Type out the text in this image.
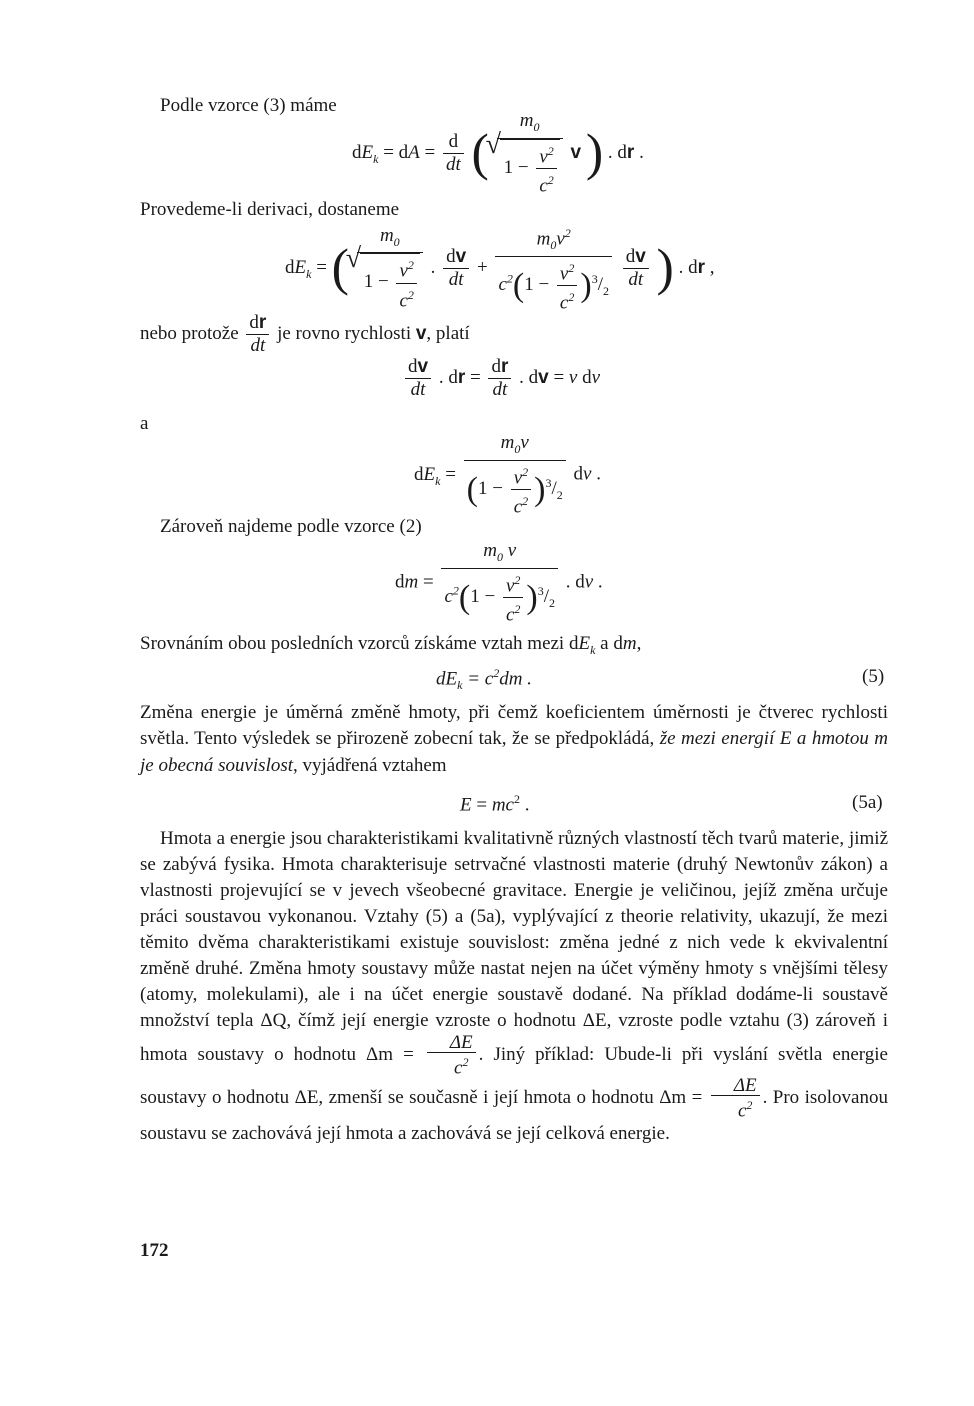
Podle vzorce (3) máme
$dE_k$ = dA = $\frac{d}{dt}$ ( $m_0$
√ $1 - \frac{v^2}{c^2}$ v ) . dr .
Provedeme-li derivaci, dostaneme
$dE_k$ = ( $m_0$
√ $1 - \frac{v^2}{c^2}$ . $\frac{dv}{dt} + \frac{m_0v^2}{c^2(1 - \frac{v^2}{c^2} )^3/_2}$
$\frac{dv}{dt}$ ) . dr ,
nebo protože $\frac{dr}{dt}$ je rovno rychlosti v, platí
$\frac{dv}{dt}$ . dr = $\frac{dr}{dt}$ . dv = v dv
a
$dE_k = \frac{m_0v}{(1 - \frac{v^2}{c^2} )^3/_2}$ dv .
Zároveň najdeme podle vzorce (2)
dm = $\frac{m_0 v}{c^2(1 - \frac{v^2}{c^2} )^3/_2}$ . dv .
Srovnáním obou posledních vzorců získáme vztah mezi $dE_k$ a dm,
$dE_k = c^2dm$ .	(5)
Změna energie je úměrná změně hmoty, při čemž koeficientem úměrnosti je čtverec rychlosti světla. Tento výsledek se přirozeně zobecní tak, že se předpokládá, že mezi energií E a hmotou m je obecná souvislost, vyjádřená vztahem
$E = mc^2$ .	(5a)
Hmota a energie jsou charakteristikami kvalitativně různých vlastností těch tvarů materie, jimiž se zabývá fysika. Hmota charakterisuje setrvačné vlastnosti materie (druhý Newtonův zákon) a vlastnosti projevující se v jevech všeobecné gravitace. Energie je veličinou, jejíž změna určuje práci soustavou vykonanou. Vztahy (5) a (5a), vyplývající z theorie relativity, ukazují, že mezi těmito dvěma charakteristikami existuje souvislost: změna jedné z nich vede k ekvivalentní změně druhé. Změna hmoty soustavy může nastat nejen na účet výměny hmoty s vnějšími tělesy (atomy, molekulami), ale i na účet energie soustavě dodané. Na příklad dodáme-li soustavě množství tepla ΔQ, čímž její energie vzroste o hodnotu ΔE, vzroste podle vztahu (3) zároveň i hmota soustavy o hodnotu $\Delta m = \frac{\Delta E}{c^2}$ . Jiný příklad: Ubude-li při vyslání světla energie soustavy o hodnotu ΔE, zmenší se současně i její hmota o hodnotu $\Delta m = \frac{\Delta E}{c^2}$ . Pro isolovanou soustavu se zachovává její hmota a zachovává se její celková energie.
172
